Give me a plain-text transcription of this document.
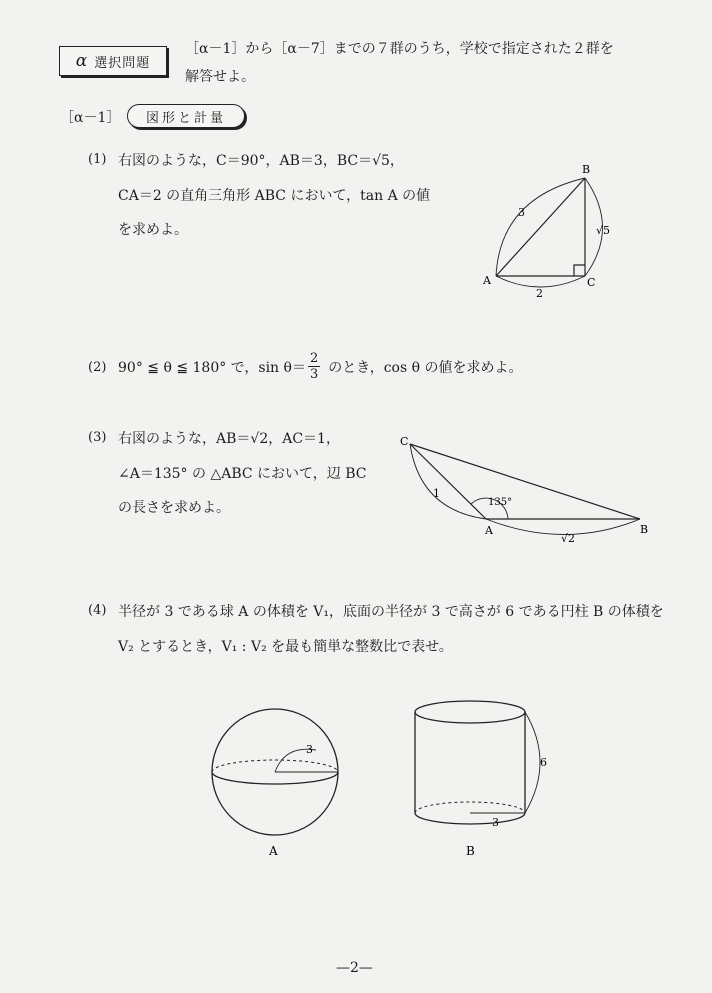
α 選択問題
［α－1］から［α－7］までの７群のうち，学校で指定された２群を
解答せよ。
［α－1］ 図形と計量
(1) 右図のような，C＝90°，AB＝3，BC＝√5，
CA＝2 の直角三角形 ABC において，tan A の値
を求めよ。
A
B
C
3
√5
2
(2) 90° ≦ θ ≦ 180° で，$\sin \theta= \frac{2}{3}$ のとき，cos θ の値を求めよ。
(3) 右図のような，AB＝√2，AC＝1，
∠A＝135° の △ABC において，辺 BC
の長さを求めよ。
C
A	B
135°
1
√2
(4) 半径が 3 である球 A の体積を V₁，底面の半径が 3 で高さが 6 である円柱 B の体積を
V₂ とするとき，V₁ : V₂ を最も簡単な整数比で表せ。
3
3
6
A	B
—2—
